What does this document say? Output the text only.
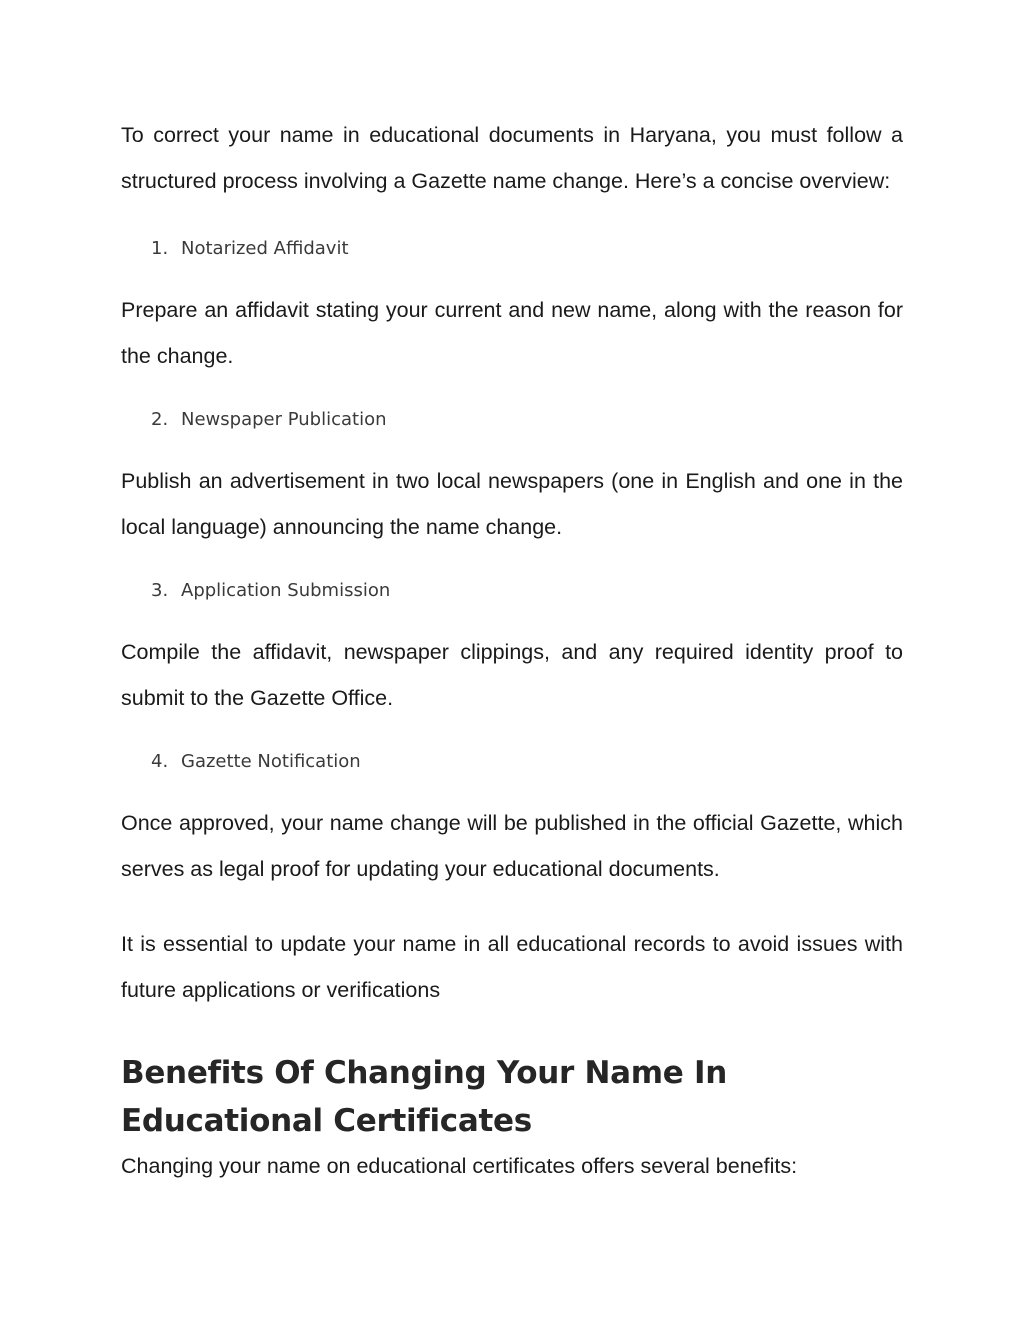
To correct your name in educational documents in Haryana, you must follow a structured process involving a Gazette name change. Here’s a concise overview:

1. Notarized Affidavit

Prepare an affidavit stating your current and new name, along with the reason for the change.

2. Newspaper Publication

Publish an advertisement in two local newspapers (one in English and one in the local language) announcing the name change.

3. Application Submission

Compile the affidavit, newspaper clippings, and any required identity proof to submit to the Gazette Office.

4. Gazette Notification

Once approved, your name change will be published in the official Gazette, which serves as legal proof for updating your educational documents.

It is essential to update your name in all educational records to avoid issues with future applications or verifications

Benefits Of Changing Your Name In Educational Certificates

Changing your name on educational certificates offers several benefits:
